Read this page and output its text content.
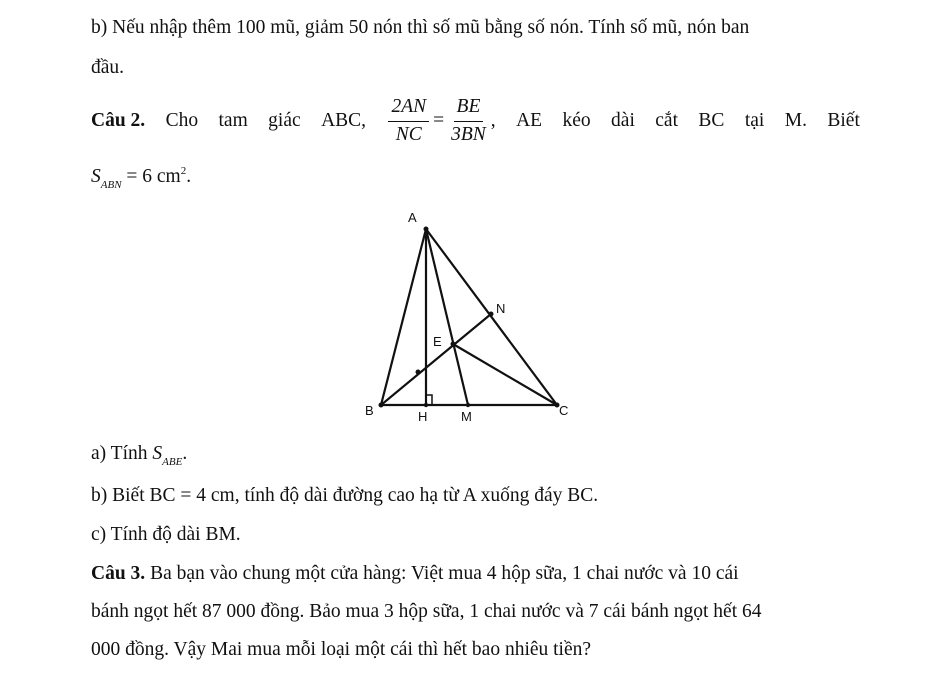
b) Nếu nhập thêm 100 mũ, giảm 50 nón thì số mũ bằng số nón. Tính số mũ, nón ban
đầu.
Câu 2. Cho tam giác ABC, $\frac{2AN}{NC} = \frac{BE}{3BN}$ , AE kéo dài cắt BC tại M. Biết
$S_{ABN} = 6$ $cm^2$.
A
N
E
B	H	M	C
a) Tính $S_{ABE}$.
b) Biết BC = 4 cm, tính độ dài đường cao hạ từ A xuống đáy BC.
c) Tính độ dài BM.
Câu 3. Ba bạn vào chung một cửa hàng: Việt mua 4 hộp sữa, 1 chai nước và 10 cái
bánh ngọt hết 87 000 đồng. Bảo mua 3 hộp sữa, 1 chai nước và 7 cái bánh ngọt hết 64
000 đồng. Vậy Mai mua mỗi loại một cái thì hết bao nhiêu tiền?
